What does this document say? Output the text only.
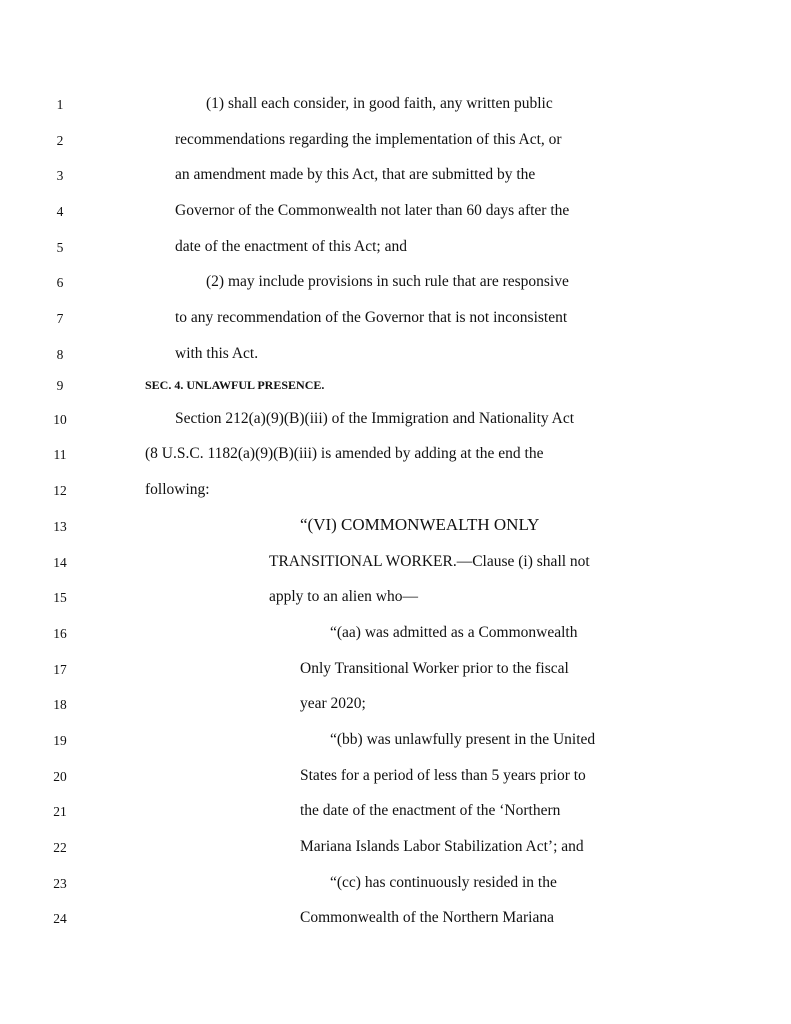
1	(1) shall each consider, in good faith, any written public
2	recommendations regarding the implementation of this Act, or
3	an amendment made by this Act, that are submitted by the
4	Governor of the Commonwealth not later than 60 days after the
5	date of the enactment of this Act; and
6	(2) may include provisions in such rule that are responsive
7	to any recommendation of the Governor that is not inconsistent
8	with this Act.
9	SEC. 4. UNLAWFUL PRESENCE.
10	Section 212(a)(9)(B)(iii) of the Immigration and Nationality Act
11	(8 U.S.C. 1182(a)(9)(B)(iii) is amended by adding at the end the
12	following:
13	“(VI) COMMONWEALTH ONLY
14	TRANSITIONAL WORKER.—Clause (i) shall not
15	apply to an alien who—
16	“(aa) was admitted as a Commonwealth
17	Only Transitional Worker prior to the fiscal
18	year 2020;
19	“(bb) was unlawfully present in the United
20	States for a period of less than 5 years prior to
21	the date of the enactment of the ‘Northern
22	Mariana Islands Labor Stabilization Act’; and
23	“(cc) has continuously resided in the
24	Commonwealth of the Northern Mariana
